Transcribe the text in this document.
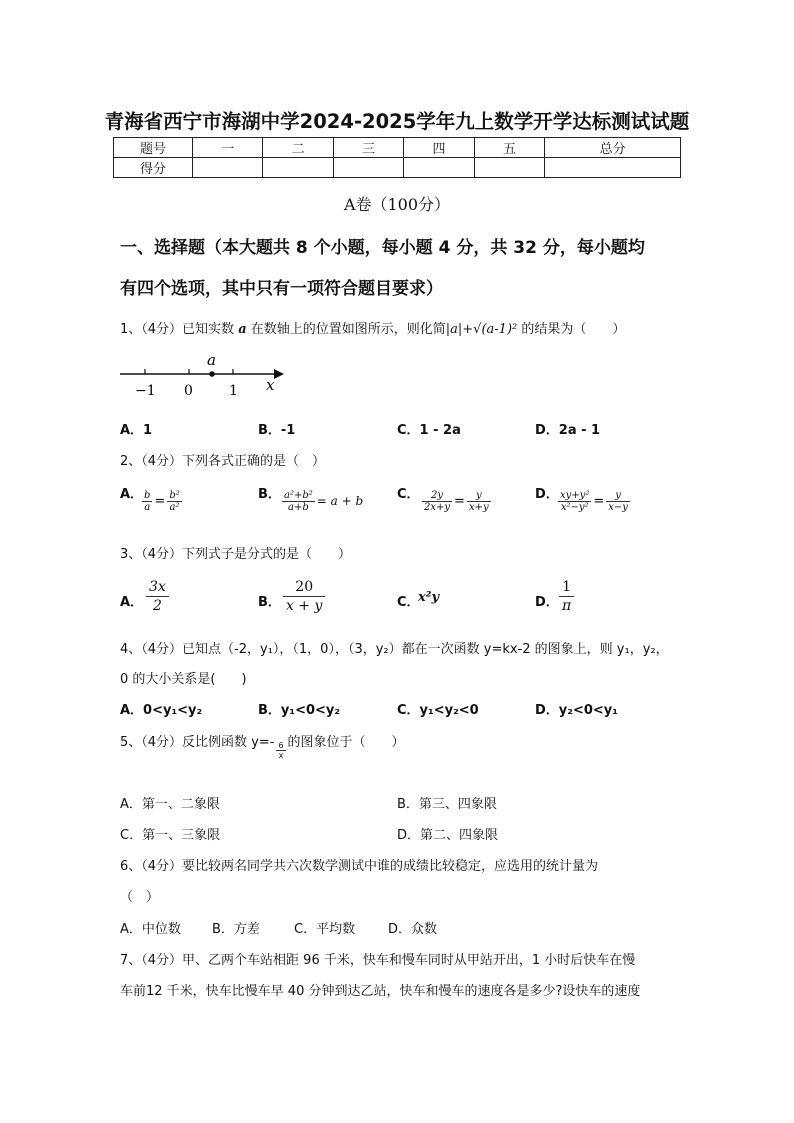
青海省西宁市海湖中学2024-2025学年九上数学开学达标测试试题
题号	一	二	三	四	五	总分
得分						
A卷（100分）
一、选择题（本大题共 8 个小题，每小题 4 分，共 32 分，每小题均
有四个选项，其中只有一项符合题目要求）
1、（4分）已知实数 a 在数轴上的位置如图所示，则化简|a|+√(a-1)² 的结果为（　　）
a
−1 0	1 x
A．1	B．-1	C．1 - 2a	D．2a - 1
2、（4分）下列各式正确的是（　）
A．
$\frac{b}{a} = \frac{\text{b²}}{\text{a²}}$	B． $\frac{\text{a²+b²}}{a+b} = a + b$	C． $\frac{2y}{2x+y} = \frac{y}{x+y}$	D． $\frac{\text{xy+y²}}{\text{x²−y²}} = \frac{y}{x-y}$
3、（4分）下列式子是分式的是（　　）
A． $\frac{3x}{2}$	B． $\frac{20}{x + y}$	C．
x²y	D． $\frac{1}{\pi}$
4、（4分）已知点（-2，y₁），（1，0），（3，y₂）都在一次函数 y=kx-2 的图象上，则 y₁，y₂，
0 的大小关系是(　　)
A．0<y₁<y₂	B．y₁<0<y₂	C．y₁<y₂<0	D．y₂<0<y₁
5、（4分）反比例函数 $y=- \frac{6}{x}$ 的图象位于（　　）
A．第一、二象限	B．第三、四象限
C．第一、三象限	D．第二、四象限
6、（4分）要比较两名同学共六次数学测试中谁的成绩比较稳定，应选用的统计量为
（　）
A．中位数 B．方差	C．平均数	D．众数
7、（4分）甲、乙两个车站相距 96 千米，快车和慢车同时从甲站开出，1 小时后快车在慢
车前12 千米，快车比慢车早 40 分钟到达乙站，快车和慢车的速度各是多少?设快车的速度
